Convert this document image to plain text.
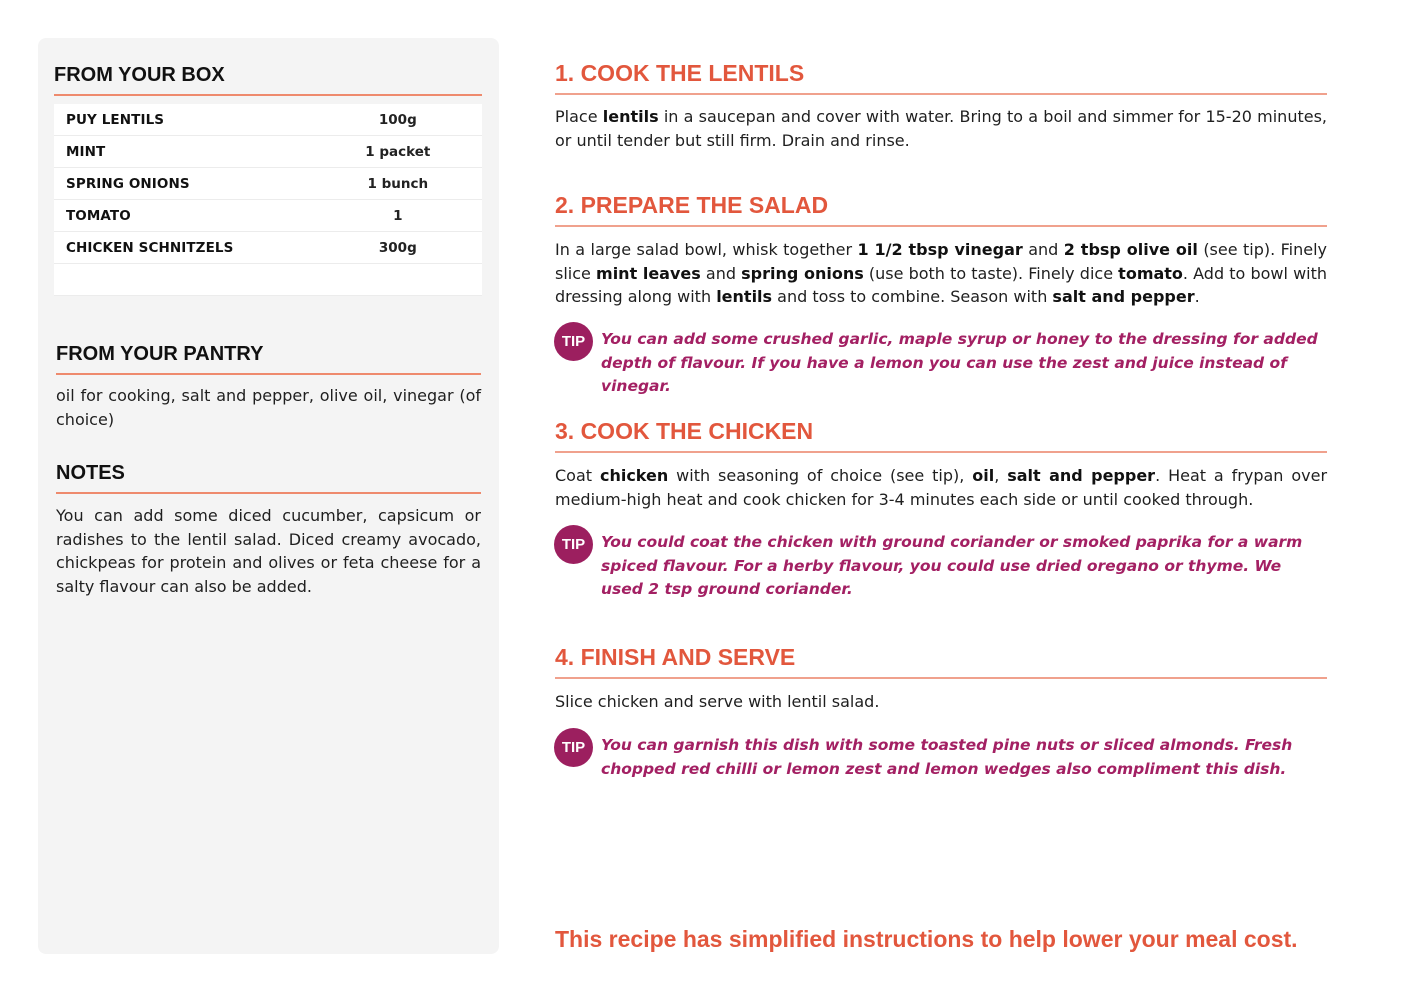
FROM YOUR BOX
PUY LENTILS	100g
MINT	1 packet
SPRING ONIONS	1 bunch
TOMATO	1
CHICKEN SCHNITZELS	300g
FROM YOUR PANTRY
oil for cooking, salt and pepper, olive oil, vinegar (of choice)
NOTES
You can add some diced cucumber, capsicum or radishes to the lentil salad. Diced creamy avocado, chickpeas for protein and olives or feta cheese for a salty flavour can also be added.
1. COOK THE LENTILS
Place lentils in a saucepan and cover with water. Bring to a boil and simmer for 15-20 minutes, or until tender but still firm. Drain and rinse.
2. PREPARE THE SALAD
In a large salad bowl, whisk together 1 1/2 tbsp vinegar and 2 tbsp olive oil (see tip). Finely slice mint leaves and spring onions (use both to taste). Finely dice tomato. Add to bowl with dressing along with lentils and toss to combine. Season with salt and pepper.
TIP	You can add some crushed garlic, maple syrup or honey to the dressing for added depth of flavour. If you have a lemon you can use the zest and juice instead of vinegar.
3. COOK THE CHICKEN
Coat chicken with seasoning of choice (see tip), oil, salt and pepper. Heat a frypan over medium-high heat and cook chicken for 3-4 minutes each side or until cooked through.
TIP	You could coat the chicken with ground coriander or smoked paprika for a warm spiced flavour. For a herby flavour, you could use dried oregano or thyme. We used 2 tsp ground coriander.
4. FINISH AND SERVE
Slice chicken and serve with lentil salad.
TIP	You can garnish this dish with some toasted pine nuts or sliced almonds. Fresh chopped red chilli or lemon zest and lemon wedges also compliment this dish.
This recipe has simplified instructions to help lower your meal cost.
